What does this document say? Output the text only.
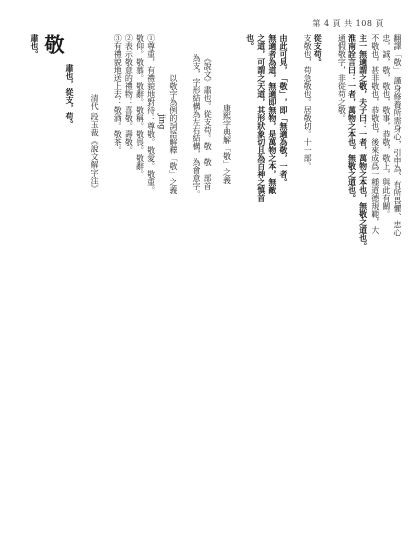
第 4 頁 共 108 頁
翻譯「敬」 謹身修養所需身心，引申為、有所畏懼、忠心
忠，誠，敬，敬也，敬事，恭敬，敬上，與此有關。
不敬也，甚非敬也，恭敬也，後來成爲一種道德規範，大
主一無適謂之敬，夫子曰：一者，萬物之本也，無敬之道也。
淮南詮言曰：一者，萬物之本也。無敬之道也。
通假敬字，非從苟之敬。
從支苟。
支敬也，苟急敬也。居敬切。十一部。
由此可見，「敬」，即「無適為敬，一者。
無適者為道，無適即無物，是萬物之本，無敵
之道，可謂之天道，其形狀象切且為百神之慎首
也。
康熙字典解「敬」之義
《說文》肅也。從支苟。敬　敬　部首
為支，字形結構為左右結構，為會意字。
以敬字為例的詞語解釋「敬」之義
jing
①尊重，有禮貌地對待：尊敬。敬愛。敬重。
敬仰。敬慕。敬辭。敬稱。敬畏。敬辭。
②表示敬意的禮物：喜敬。壽敬。
③有禮貌地送上去：敬酒。敬茶。
清代 段玉裁《說文解字注》
肅也，從支，苟。
敬
肅也。
